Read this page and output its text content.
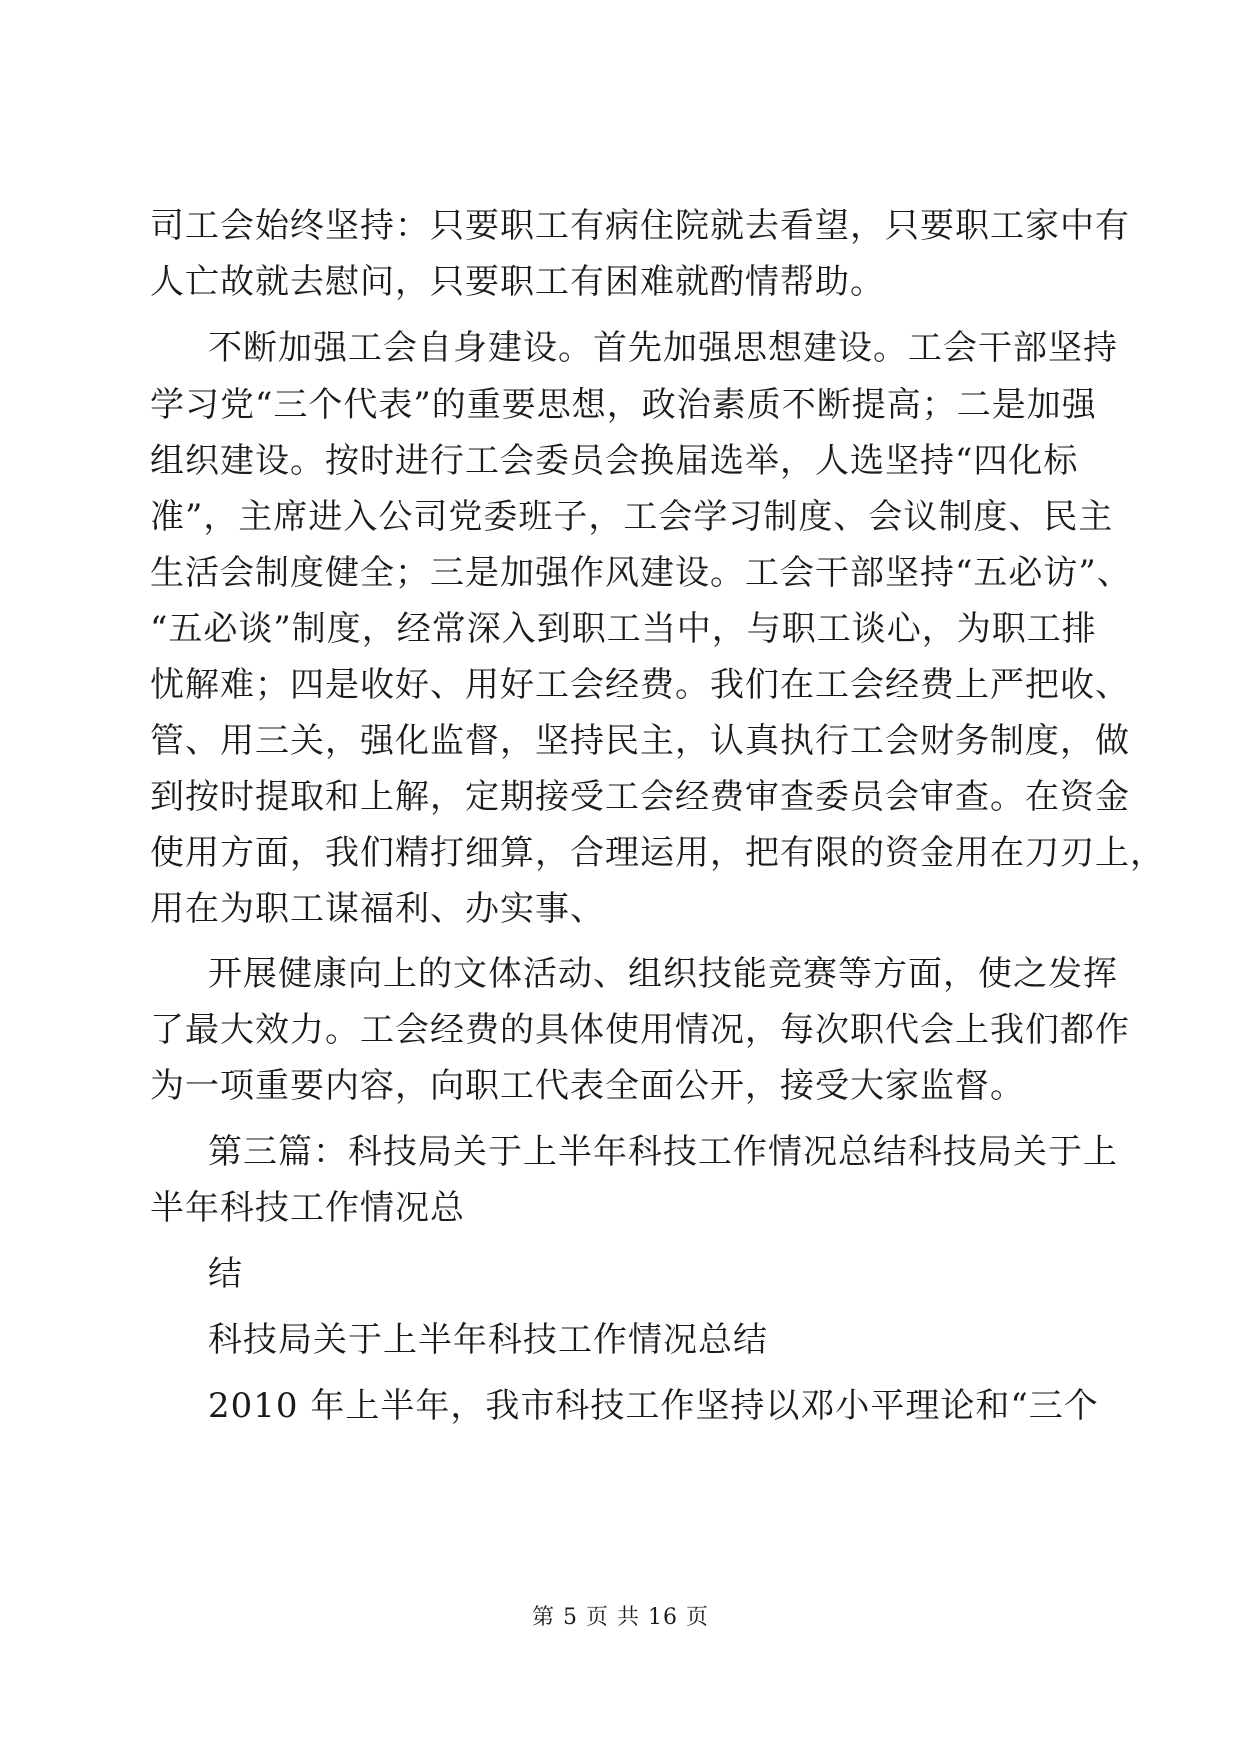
司工会始终坚持：只要职工有病住院就去看望，只要职工家中有
人亡故就去慰问，只要职工有困难就酌情帮助。
不断加强工会自身建设。首先加强思想建设。工会干部坚持
学习党“三个代表”的重要思想，政治素质不断提高；二是加强
组织建设。按时进行工会委员会换届选举，人选坚持“四化标
准”，主席进入公司党委班子，工会学习制度、会议制度、民主
生活会制度健全；三是加强作风建设。工会干部坚持“五必访”、
“五必谈”制度，经常深入到职工当中，与职工谈心，为职工排
忧解难；四是收好、用好工会经费。我们在工会经费上严把收、
管、用三关，强化监督，坚持民主，认真执行工会财务制度，做
到按时提取和上解，定期接受工会经费审查委员会审查。在资金
使用方面，我们精打细算，合理运用，把有限的资金用在刀刃上，
用在为职工谋福利、办实事、
开展健康向上的文体活动、组织技能竞赛等方面，使之发挥
了最大效力。工会经费的具体使用情况，每次职代会上我们都作
为一项重要内容，向职工代表全面公开，接受大家监督。
第三篇：科技局关于上半年科技工作情况总结科技局关于上
半年科技工作情况总
结
科技局关于上半年科技工作情况总结
2010 年上半年，我市科技工作坚持以邓小平理论和“三个
第 5 页 共 16 页
